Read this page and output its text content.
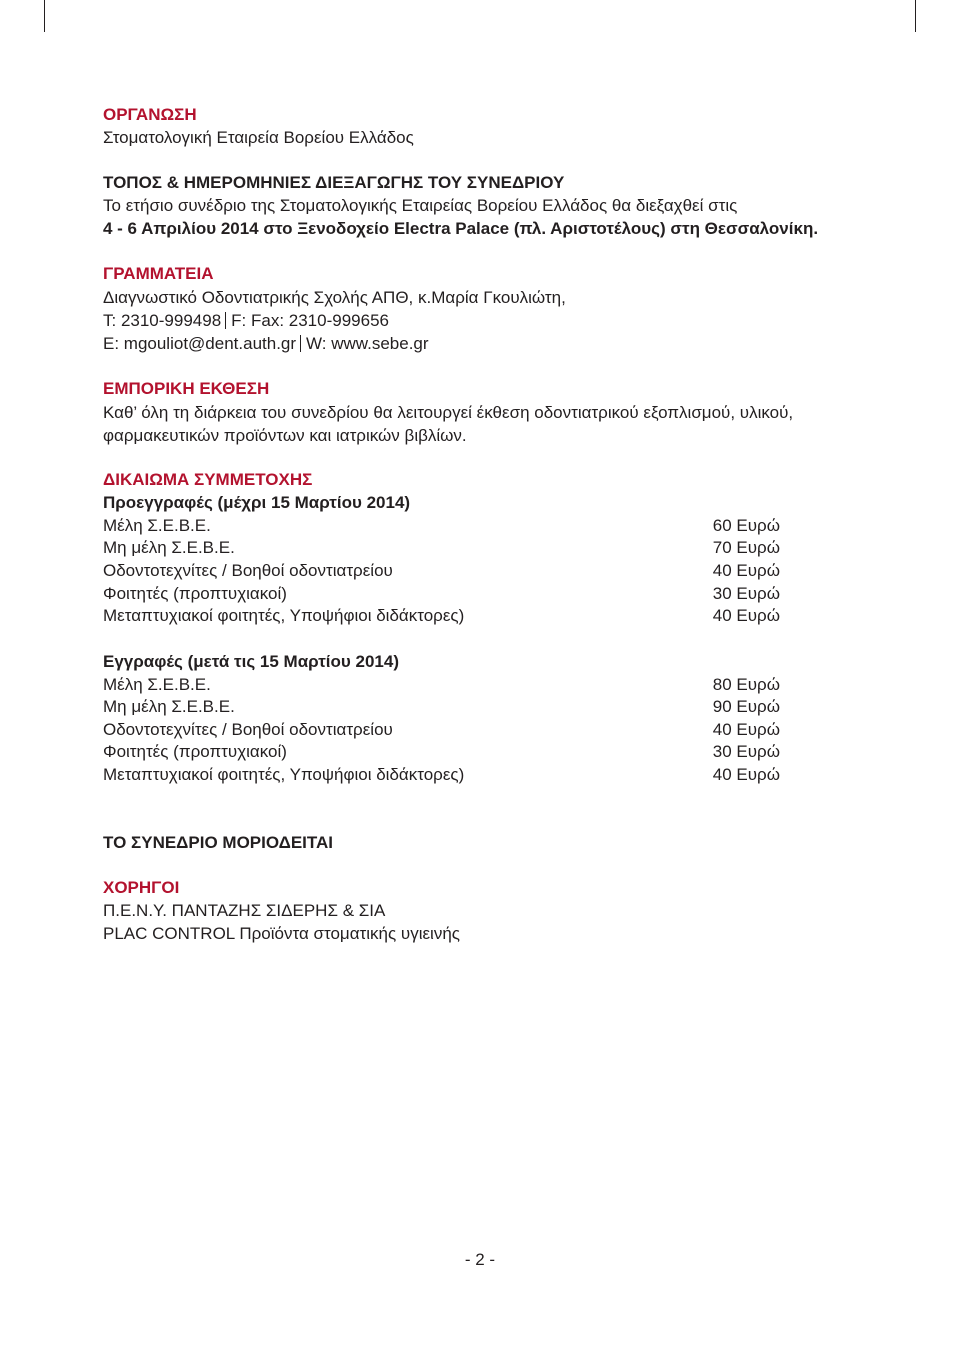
ΟΡΓΑΝΩΣΗ
Στοματολογική Εταιρεία Βορείου Ελλάδος
ΤΟΠΟΣ & ΗΜΕΡΟΜΗΝΙΕΣ ΔΙΕΞΑΓΩΓΗΣ ΤΟΥ ΣΥΝΕΔΡΙΟΥ
Το ετήσιο συνέδριο της Στοματολογικής Εταιρείας Βορείου Ελλάδος θα διεξαχθεί στις
4 - 6 Απριλίου 2014 στο Ξενοδοχείο Electra Palace (πλ. Αριστοτέλους) στη Θεσσαλονίκη.
ΓΡΑΜΜΑΤΕΙΑ
Διαγνωστικό Οδοντιατρικής Σχολής ΑΠΘ, κ.Μαρία Γκουλιώτη,
T: 2310-999498 F: Fax: 2310-999656
E: mgouliot@dent.auth.gr W: www.sebe.gr
ΕΜΠΟΡΙΚΗ ΕΚΘΕΣΗ
Καθ’ όλη τη διάρκεια του συνεδρίου θα λειτουργεί έκθεση οδοντιατρικού εξοπλισμού, υλικού,
φαρμακευτικών προϊόντων και ιατρικών βιβλίων.
ΔΙΚΑΙΩΜΑ ΣΥΜΜΕΤΟΧΗΣ
Προεγγραφές (μέχρι 15 Μαρτίου 2014)
Μέλη Σ.Ε.Β.Ε.	60 Ευρώ
Μη μέλη Σ.Ε.Β.Ε.	70 Ευρώ
Οδοντοτεχνίτες / Βοηθοί οδοντιατρείου	40 Ευρώ
Φοιτητές (προπτυχιακοί)	30 Ευρώ
Μεταπτυχιακοί φοιτητές, Υποψήφιοι διδάκτορες)	40 Ευρώ
Εγγραφές (μετά τις 15 Μαρτίου 2014)
Μέλη Σ.Ε.Β.Ε.	80 Ευρώ
Μη μέλη Σ.Ε.Β.Ε.	90 Ευρώ
Οδοντοτεχνίτες / Βοηθοί οδοντιατρείου	40 Ευρώ
Φοιτητές (προπτυχιακοί)	30 Ευρώ
Μεταπτυχιακοί φοιτητές, Υποψήφιοι διδάκτορες)	40 Ευρώ
ΤΟ ΣΥΝΕΔΡΙΟ ΜΟΡΙΟΔΕΙΤΑΙ
ΧΟΡΗΓΟΙ
Π.Ε.Ν.Υ. ΠΑΝΤΑΖΗΣ ΣΙΔΕΡΗΣ & ΣΙΑ
PLAC CONTROL Προϊόντα στοματικής υγιεινής
- 2 -
